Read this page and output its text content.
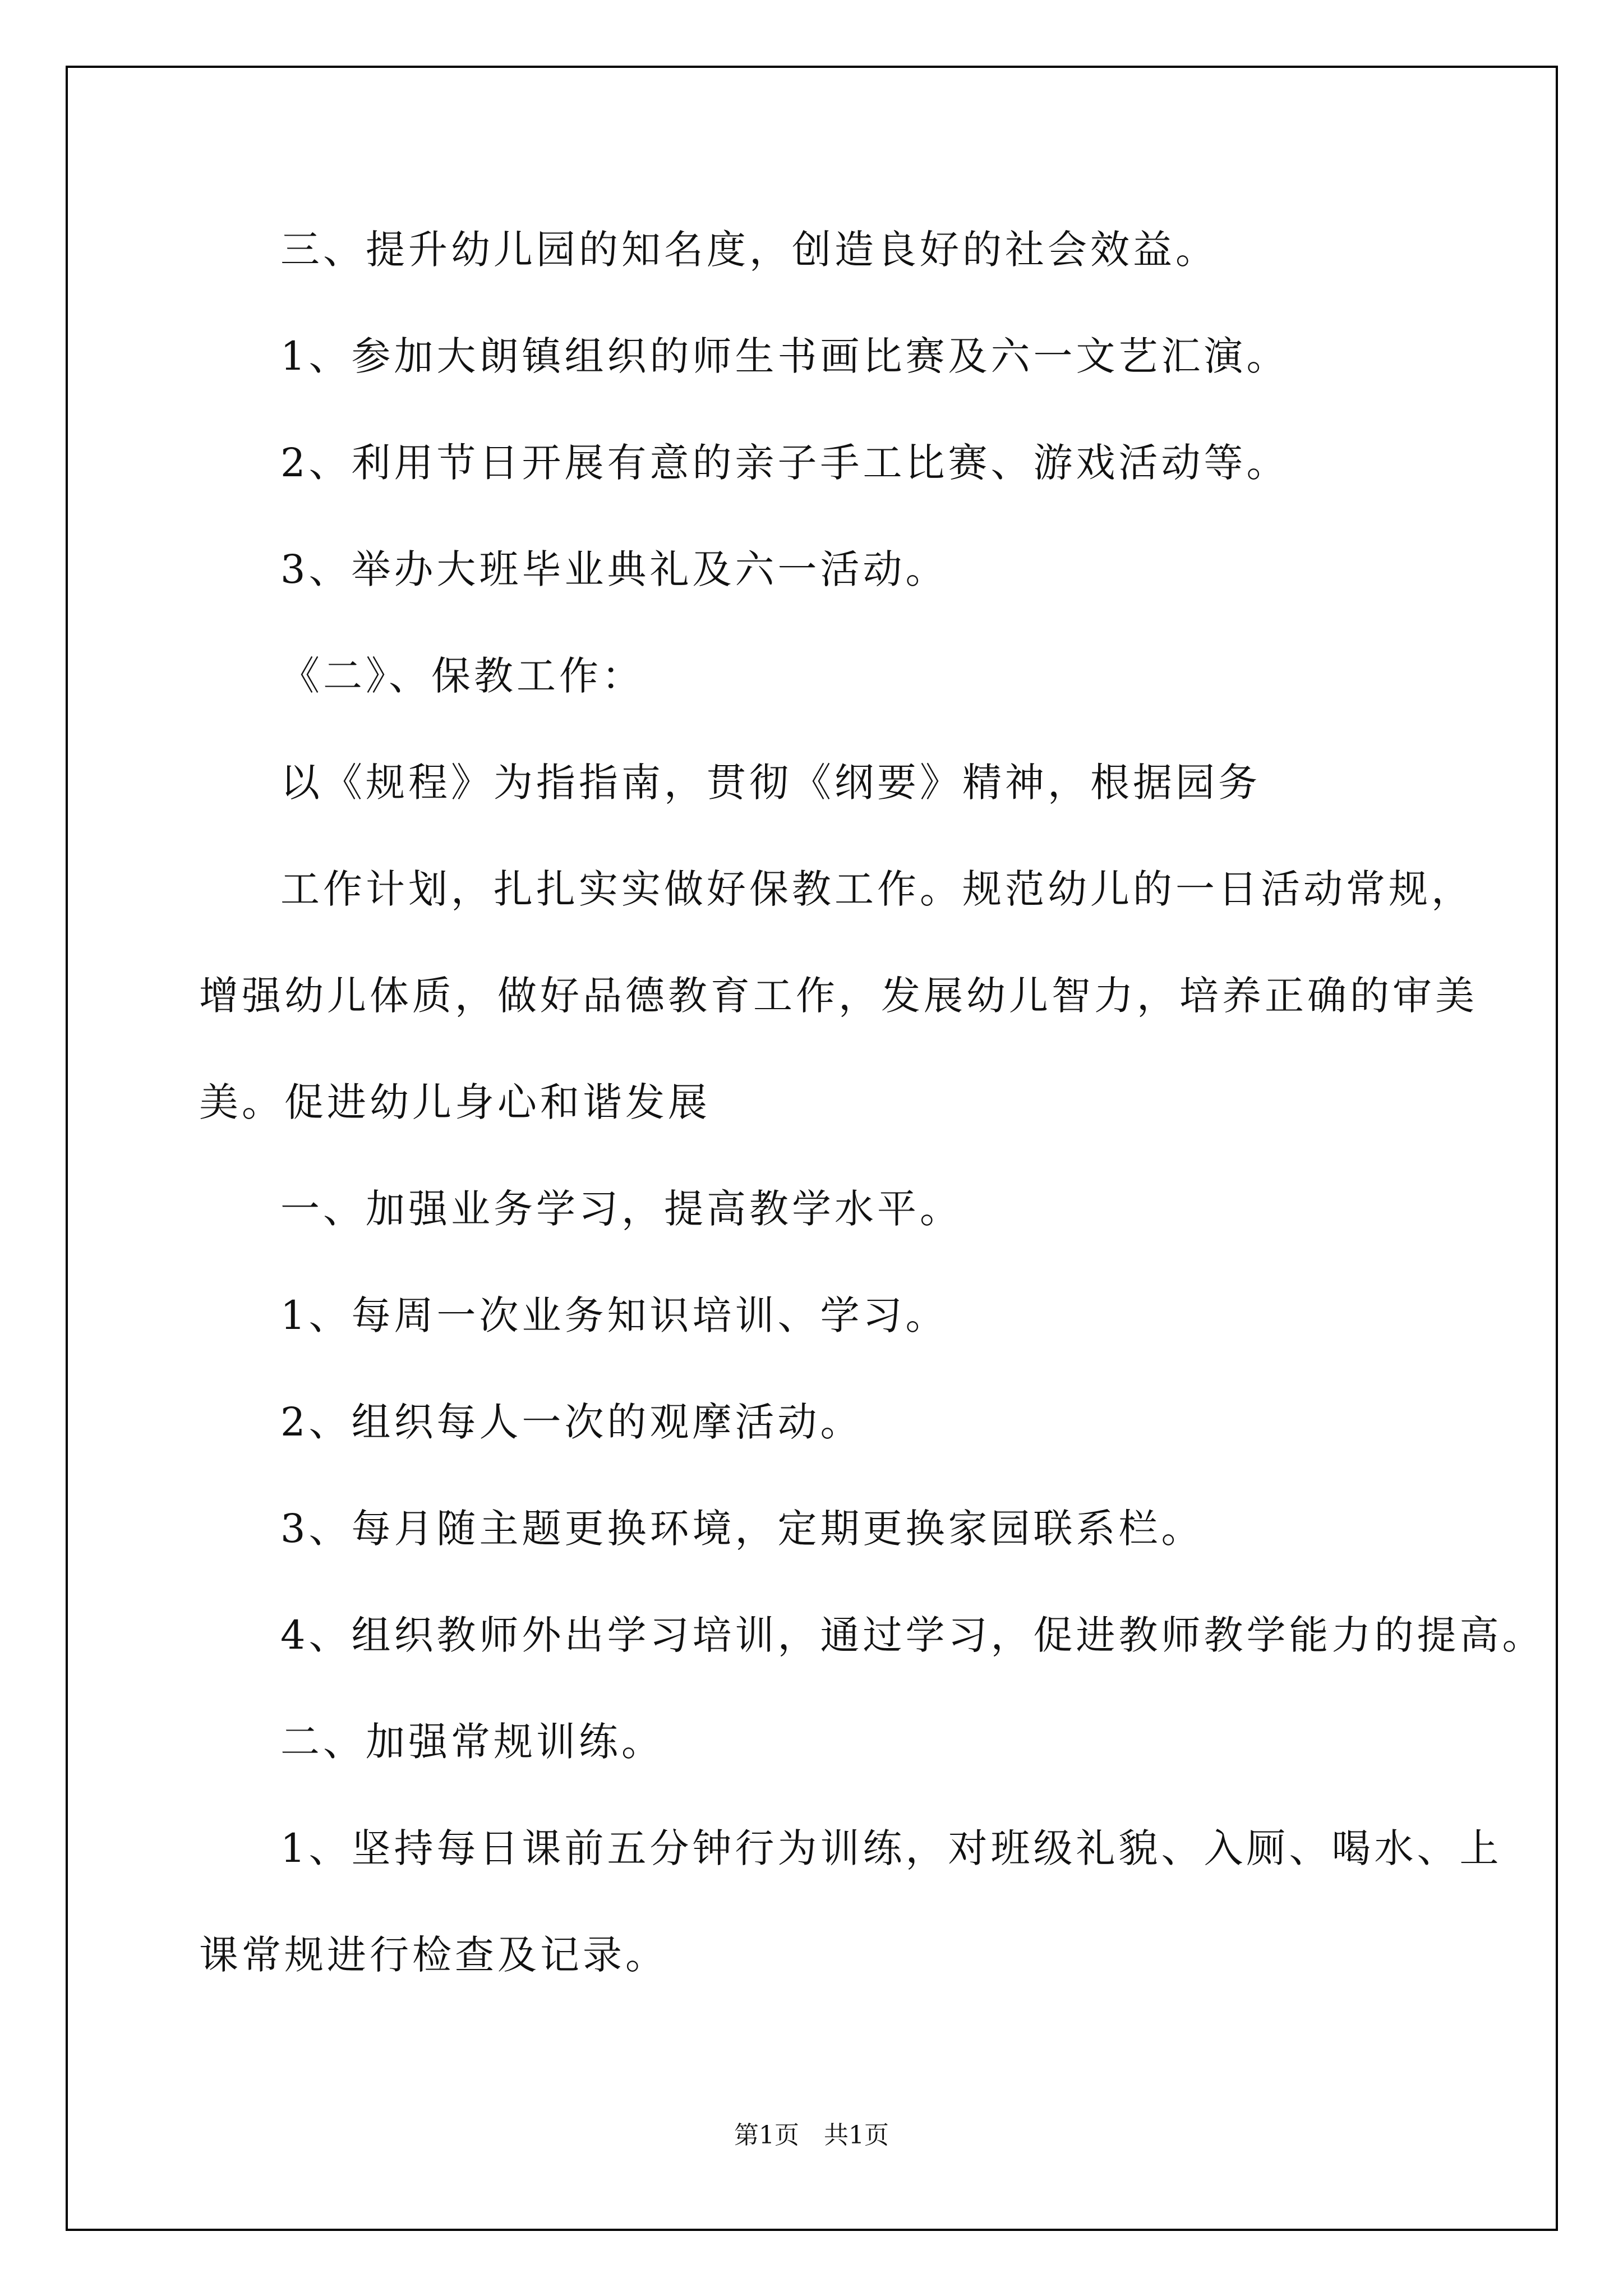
三、提升幼儿园的知名度，创造良好的社会效益。
1、参加大朗镇组织的师生书画比赛及六一文艺汇演。
2、利用节日开展有意的亲子手工比赛、游戏活动等。
3、举办大班毕业典礼及六一活动。
《二》、保教工作：
以《规程》为指指南，贯彻《纲要》精神，根据园务
工作计划，扎扎实实做好保教工作。规范幼儿的一日活动常规，
增强幼儿体质，做好品德教育工作，发展幼儿智力，培养正确的审美
美。促进幼儿身心和谐发展
一、加强业务学习，提高教学水平。
1、每周一次业务知识培训、学习。
2、组织每人一次的观摩活动。
3、每月随主题更换环境，定期更换家园联系栏。
4、组织教师外出学习培训，通过学习，促进教师教学能力的提高。
二、加强常规训练。
1、坚持每日课前五分钟行为训练，对班级礼貌、入厕、喝水、上
课常规进行检查及记录。
第1页　共1页
